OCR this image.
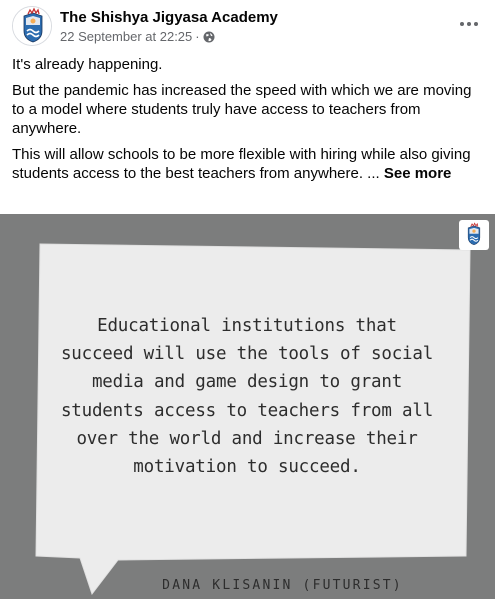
The Shishya Jigyasa Academy
22 September at 22:25 ·

It's already happening.

But the pandemic has increased the speed with which we are moving to a model where students truly have access to teachers from anywhere.

This will allow schools to be more flexible with hiring while also giving students access to the best teachers from anywhere. ... See more

Educational institutions that
succeed will use the tools of social
media and game design to grant
students access to teachers from all
over the world and increase their
motivation to succeed.
DANA KLISANIN (FUTURIST)
